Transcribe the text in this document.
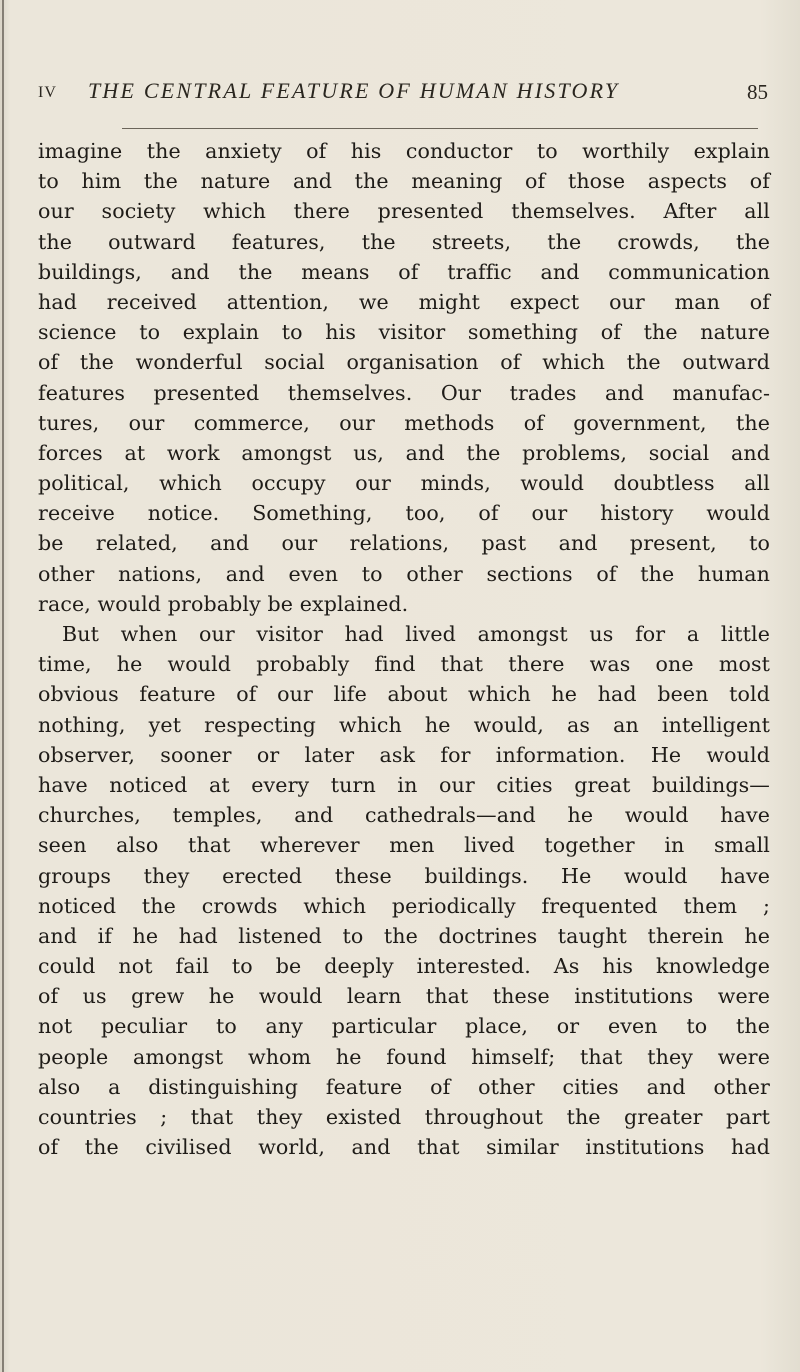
IV THE CENTRAL FEATURE OF HUMAN HISTORY	85
imagine the anxiety of his conductor to worthily explain
to him the nature and the meaning of those aspects of
our society which there presented themselves. After all
the outward features, the streets, the crowds, the
buildings, and the means of traffic and communication
had received attention, we might expect our man of
science to explain to his visitor something of the nature
of the wonderful social organisation of which the outward
features presented themselves. Our trades and manufac-
tures, our commerce, our methods of government, the
forces at work amongst us, and the problems, social and
political, which occupy our minds, would doubtless all
receive notice. Something, too, of our history would
be related, and our relations, past and present, to
other nations, and even to other sections of the human
race, would probably be explained.
But when our visitor had lived amongst us for a little
time, he would probably find that there was one most
obvious feature of our life about which he had been told
nothing, yet respecting which he would, as an intelligent
observer, sooner or later ask for information. He would
have noticed at every turn in our cities great buildings—
churches, temples, and cathedrals—and he would have
seen also that wherever men lived together in small
groups they erected these buildings. He would have
noticed the crowds which periodically frequented them ;
and if he had listened to the doctrines taught therein he
could not fail to be deeply interested. As his knowledge
of us grew he would learn that these institutions were
not peculiar to any particular place, or even to the
people amongst whom he found himself; that they were
also a distinguishing feature of other cities and other
countries ; that they existed throughout the greater part
of the civilised world, and that similar institutions had
